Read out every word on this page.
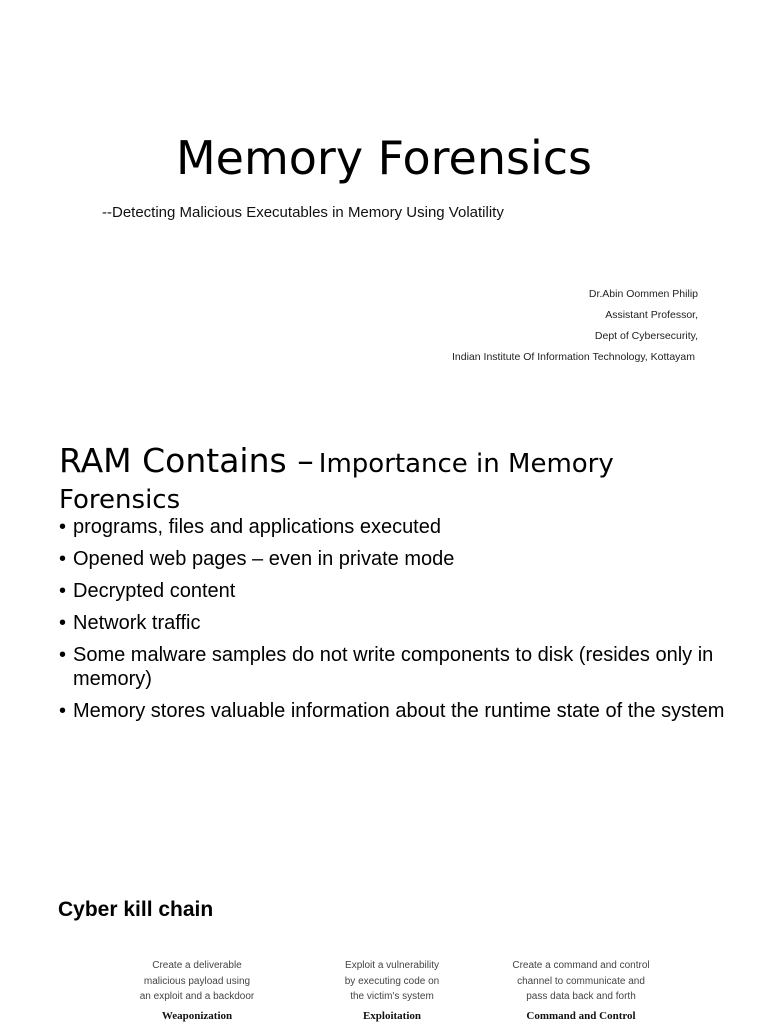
Memory Forensics
--Detecting Malicious Executables in Memory Using Volatility
Dr.Abin Oommen Philip
Assistant Professor,
Dept of Cybersecurity,
Indian Institute Of Information Technology, Kottayam
RAM Contains – Importance in Memory
Forensics
• programs, files and applications executed
• Opened web pages – even in private mode
• Decrypted content
• Network traffic
• Some malware samples do not write components to disk (resides only in memory)
• Memory stores valuable information about the runtime state of the system
Cyber kill chain
Create a deliverable
malicious payload using
an exploit and a backdoor
Weaponization
Exploit a vulnerability
by executing code on
the victim's system
Exploitation
Create a command and control
channel to communicate and
pass data back and forth
Command and Control
